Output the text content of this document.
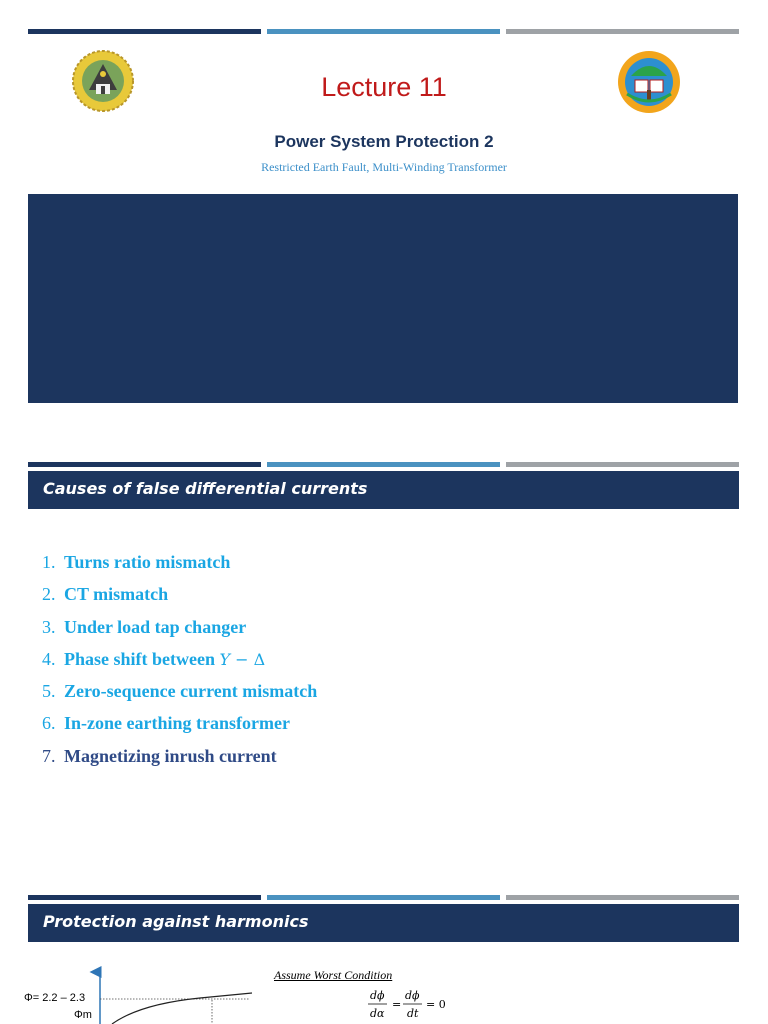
Lecture 11
Power System Protection 2
Restricted Earth Fault, Multi-Winding Transformer
Causes of false differential currents
1. Turns ratio mismatch
2. CT mismatch
3. Under load tap changer
4. Phase shift between Y − Δ
5. Zero-sequence current mismatch
6. In-zone earthing transformer
7. Magnetizing inrush current
Protection against harmonics
Φ= 2.2 – 2.3
Φm
Assume Worst Condition
dϕ
dα
=
dϕ
dt
= 0
